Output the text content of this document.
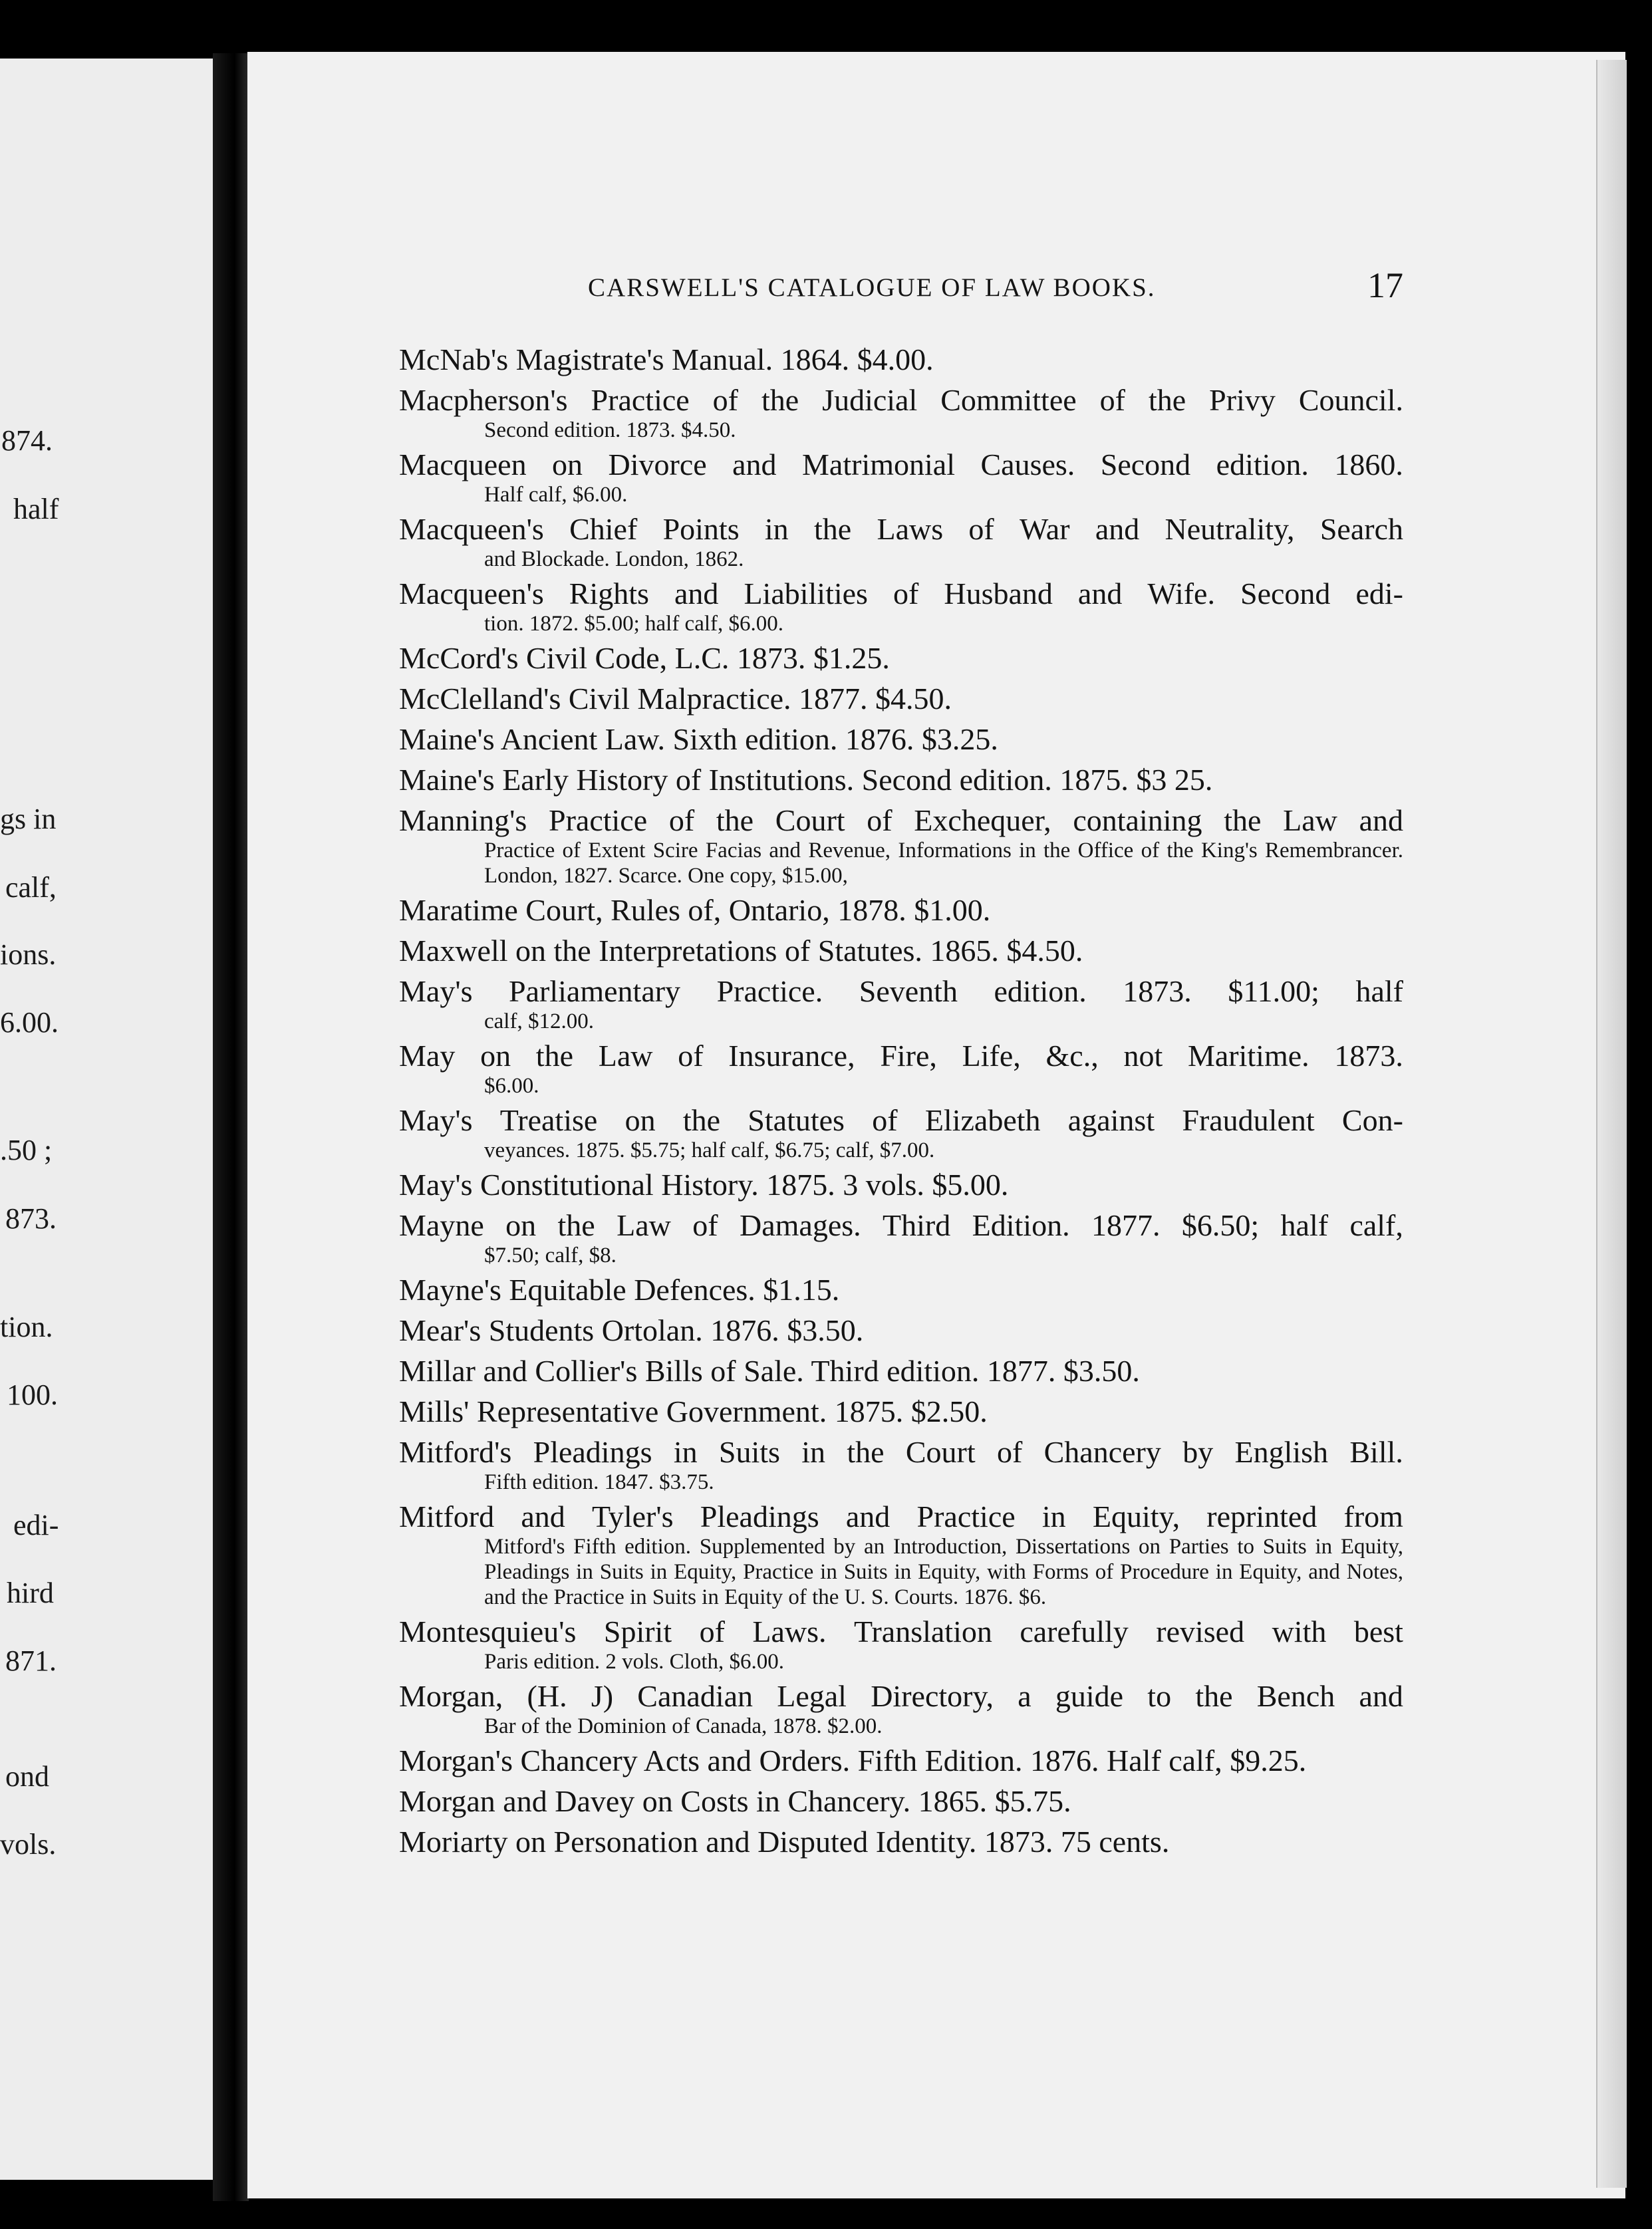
874.
half
gs in
calf,
ions.
6.00.
.50 ;
873.
tion.
100.
edi-
hird
871.
ond
vols.
CARSWELL'S CATALOGUE OF LAW BOOKS.	17
McNab's Magistrate's Manual. 1864. $4.00.
Macpherson's Practice of the Judicial Committee of the Privy Council.
Second edition. 1873. $4.50.
Macqueen on Divorce and Matrimonial Causes. Second edition. 1860.
Half calf, $6.00.
Macqueen's Chief Points in the Laws of War and Neutrality, Search
and Blockade. London, 1862.
Macqueen's Rights and Liabilities of Husband and Wife. Second edi-
tion. 1872. $5.00; half calf, $6.00.
McCord's Civil Code, L.C. 1873. $1.25.
McClelland's Civil Malpractice. 1877. $4.50.
Maine's Ancient Law. Sixth edition. 1876. $3.25.
Maine's Early History of Institutions. Second edition. 1875. $3 25.
Manning's Practice of the Court of Exchequer, containing the Law and
Practice of Extent Scire Facias and Revenue, Informations in the Office of the King's Remembrancer. London, 1827. Scarce. One copy, $15.00,
Maratime Court, Rules of, Ontario, 1878. $1.00.
Maxwell on the Interpretations of Statutes. 1865. $4.50.
May's Parliamentary Practice. Seventh edition. 1873. $11.00; half
calf, $12.00.
May on the Law of Insurance, Fire, Life, &c., not Maritime. 1873.
$6.00.
May's Treatise on the Statutes of Elizabeth against Fraudulent Con-
veyances. 1875. $5.75; half calf, $6.75; calf, $7.00.
May's Constitutional History. 1875. 3 vols. $5.00.
Mayne on the Law of Damages. Third Edition. 1877. $6.50; half calf,
$7.50; calf, $8.
Mayne's Equitable Defences. $1.15.
Mear's Students Ortolan. 1876. $3.50.
Millar and Collier's Bills of Sale. Third edition. 1877. $3.50.
Mills' Representative Government. 1875. $2.50.
Mitford's Pleadings in Suits in the Court of Chancery by English Bill.
Fifth edition. 1847. $3.75.
Mitford and Tyler's Pleadings and Practice in Equity, reprinted from
Mitford's Fifth edition. Supplemented by an Introduction, Dissertations on Parties to Suits in Equity, Pleadings in Suits in Equity, Practice in Suits in Equity, with Forms of Procedure in Equity, and Notes, and the Practice in Suits in Equity of the U. S. Courts. 1876. $6.
Montesquieu's Spirit of Laws. Translation carefully revised with best
Paris edition. 2 vols. Cloth, $6.00.
Morgan, (H. J) Canadian Legal Directory, a guide to the Bench and
Bar of the Dominion of Canada, 1878. $2.00.
Morgan's Chancery Acts and Orders. Fifth Edition. 1876. Half calf, $9.25.
Morgan and Davey on Costs in Chancery. 1865. $5.75.
Moriarty on Personation and Disputed Identity. 1873. 75 cents.
